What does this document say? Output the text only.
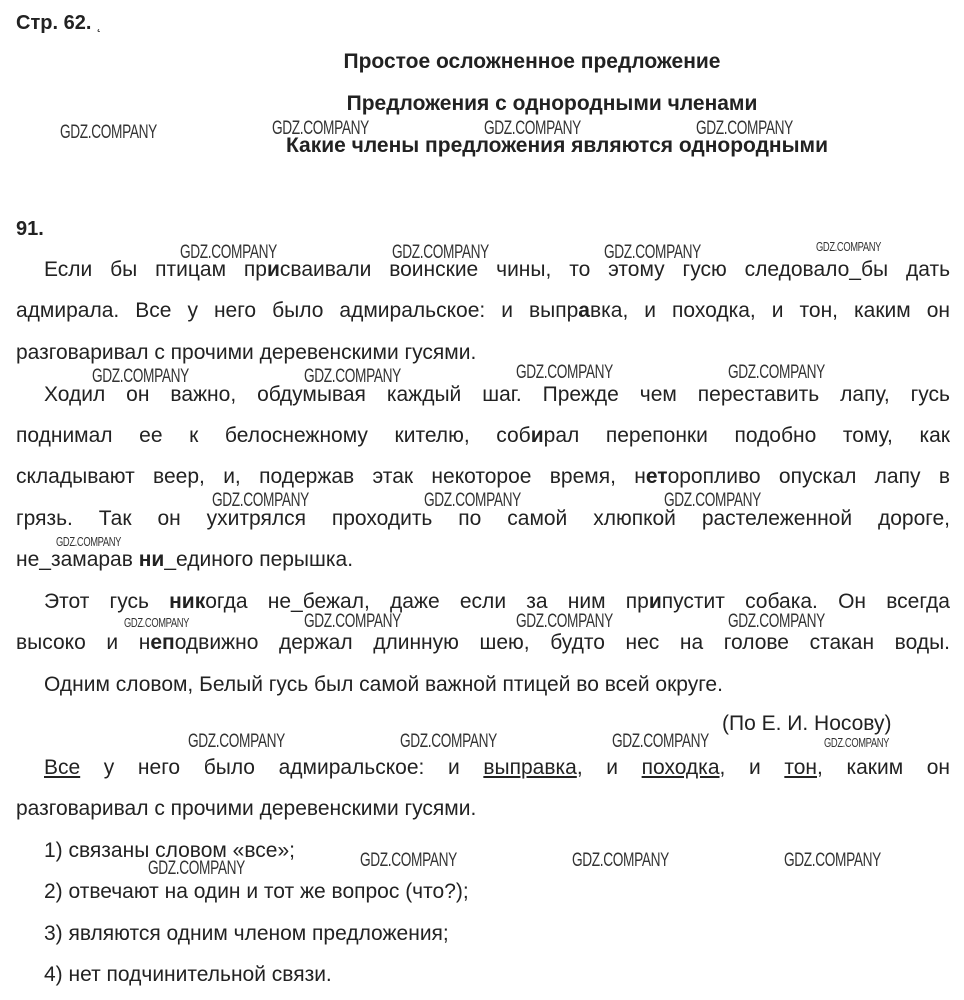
Стр. 62. ˛
Простое осложненное предложение
Предложения с однородными членами
Какие члены предложения являются однородными
91.
Если бы птицам присваивали воинские чины, то этому гусю следовало_бы дать
адмирала. Все у него было адмиральское: и выправка, и походка, и тон, каким он
разговаривал с прочими деревенскими гусями.
Ходил он важно, обдумывая каждый шаг. Прежде чем переставить лапу, гусь
поднимал ее к белоснежному кителю, собирал перепонки подобно тому, как
складывают веер, и, подержав этак некоторое время, неторопливо опускал лапу в
грязь. Так он ухитрялся проходить по самой хлюпкой растележенной дороге,
не_замарав ни_единого перышка.
Этот гусь никогда не_бежал, даже если за ним припустит собака. Он всегда
высоко и неподвижно держал длинную шею, будто нес на голове стакан воды.
Одним словом, Белый гусь был самой важной птицей во всей округе.
(По Е. И. Носову)
Все у него было адмиральское: и выправка, и походка, и тон, каким он
разговаривал с прочими деревенскими гусями.
1) связаны словом «все»;
2) отвечают на один и тот же вопрос (что?);
3) являются одним членом предложения;
4) нет подчинительной связи.
GDZ.COMPANY	GDZ.COMPANY	GDZ.COMPANY	GDZ.COMPANY
GDZ.COMPANY	GDZ.COMPANY	GDZ.COMPANY	GDZ.COMPANY
GDZ.COMPANY	GDZ.COMPANY	GDZ.COMPANY	GDZ.COMPANY
GDZ.COMPANY	GDZ.COMPANY	GDZ.COMPANY
GDZ.COMPANY
GDZ.COMPANY	GDZ.COMPANY	GDZ.COMPANY	GDZ.COMPANY
GDZ.COMPANY	GDZ.COMPANY	GDZ.COMPANY	GDZ.COMPANY
GDZ.COMPANY	GDZ.COMPANY	GDZ.COMPANY	GDZ.COMPANY
